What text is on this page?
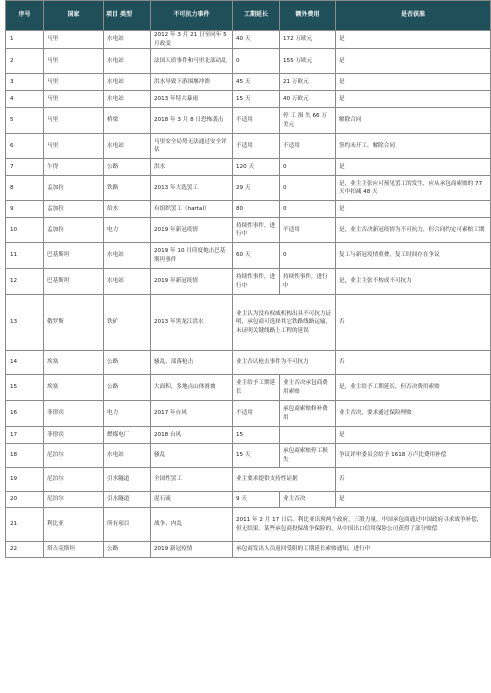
序号	国家	项目 类型	不可抗力事件	工期延长	额外费用	是否获准
1	马里	水电站	2012 年 3 月 21 日至同年 5 月政变	40 天	172 万欧元	是
2	马里	水电站	法国人质事件和马里北部动乱	0	155 万欧元	是
3	马里	水电站	洪水导致下游围堰冲溃	45 天	21 万欧元	是
4	马里	水电站	2013 年特大暴雨	15 天	40 万欧元	是
5	马里	桥梁	2018 年 3 月 8 日恐怖袭击	不适用	停 工 损 失 66 万美元	解除合同
6	马里	水电站	马里安全局势无法通过安全评估	不适用	不适用	签约未开工，解除合同
7	乍得	公路	洪水	120 天	0	是
8	孟加拉	铁路	2013 年大选罢工	29 天	0	是，业主主张应可预见罢工的发生，应从承包商索赔的 77 天中扣减 48 天
9	孟加拉	给水	有组织罢工（hartal）	80	0	是
10	孟加拉	电力	2019 年新冠疫情	持续性事件，进行中	不适用	是，业主否决新冠疫情为不可抗力，但合同约定可索赔工期
11	巴基斯坦	水电站	2019 年 10 月印度炮击巴基斯坦事件	60 天	0	复工与新冠疫情重叠，复工时间存在争议
12	巴基斯坦	水电站	2019 年新冠疫情	持续性事件，进行中	持续性事件，进行中	是，业主主张不构成不可抗力
13	俄罗斯	铁矿	2013 年黑龙江洪水	业主认为没有权威机构出具不可抗力证明，承包商可选择其它铁路线路运输，未证明关键线路上工程的延误		否
14	埃塞	公路	骚乱，部落枪击	业主否认枪击事件为不可抗力		否
15	埃塞	公路	大面积、多地点山体滑坡	业主给予工期延长	业主否决承包商费用索赔	是，业主给予工期延长，但否决费用索赔
16	菲律宾	电力	2017 年台风	不适用	承包商索赔修补费用	业主否决，要求通过保险理赔
17	菲律宾	燃煤电厂	2018 台风	15		是
18	尼泊尔	水电站	骚乱	15 天	承包商索赔停工损失	争议评审委员会给予 1618 万卢比费用补偿
19	尼泊尔	引水隧道	全国性罢工	业主要求提供支持性证据		否
20	尼泊尔	引水隧道	泥石流	9 天	业主否决	是
21	利比亚	所有项目	战争、内乱	2011 年 2 月 17 日后，利比亚出现两个政府，三股力量，中国承包商通过中国政府寻求战争补偿，但无结果。某些承包商投保战争保险的，从中国出口信用保险公司获得了部分赔偿		
22	塔吉克斯坦	公路	2019 新冠疫情	承包商发出人员返回受阻的工期延长索赔通知，进行中		
